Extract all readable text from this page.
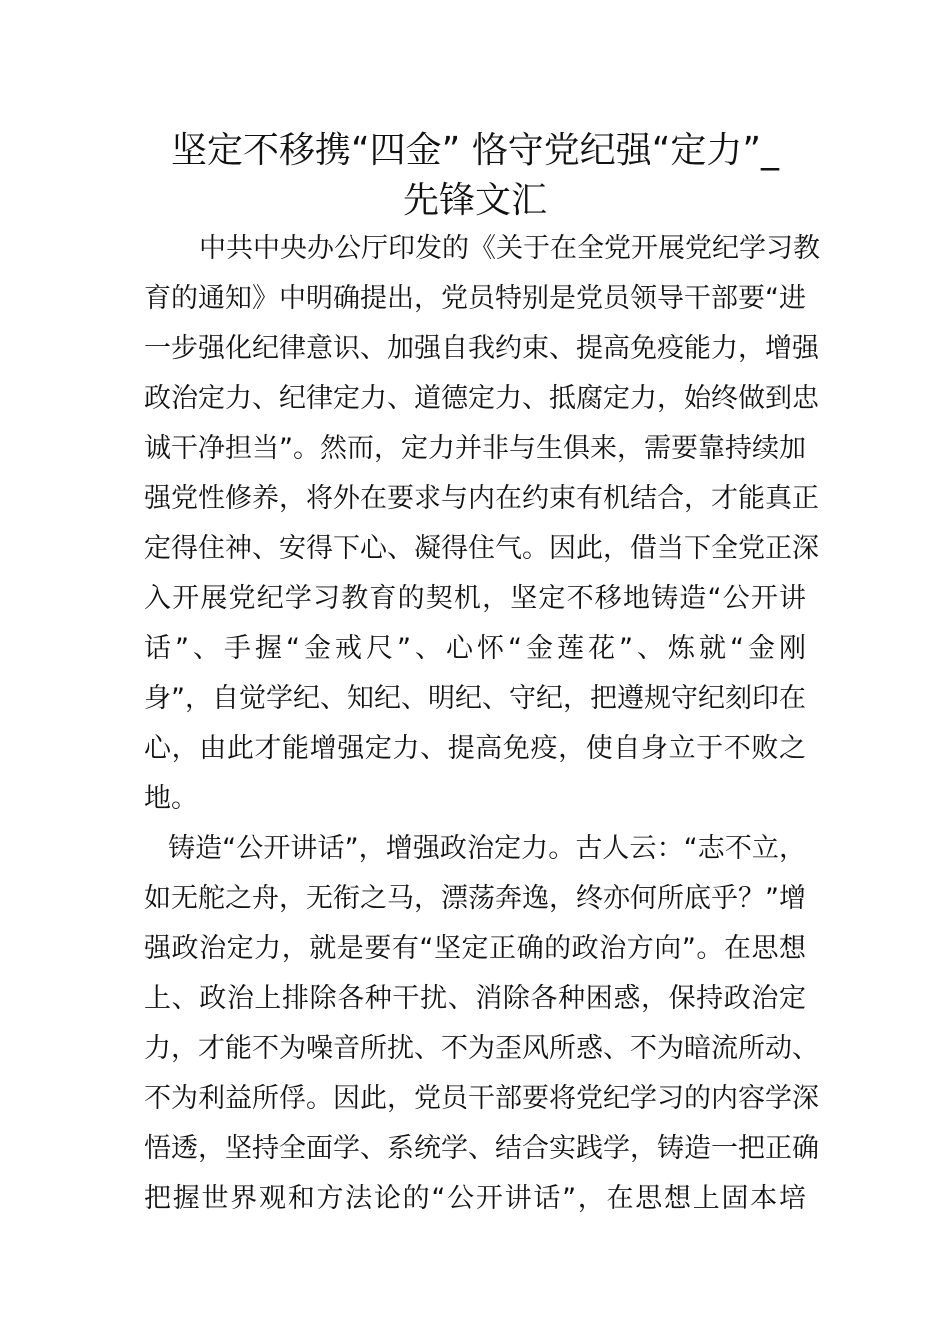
坚定不移携“四金” 恪守党纪强“定力”_
先锋文汇
中共中央办公厅印发的《关于在全党开展党纪学习教
育的通知》中明确提出，党员特别是党员领导干部要“进
一步强化纪律意识、加强自我约束、提高免疫能力，增强
政治定力、纪律定力、道德定力、抵腐定力，始终做到忠
诚干净担当”。然而，定力并非与生俱来，需要靠持续加
强党性修养，将外在要求与内在约束有机结合，才能真正
定得住神、安得下心、凝得住气。因此，借当下全党正深
入开展党纪学习教育的契机，坚定不移地铸造“公开讲
话”、手握“金戒尺”、心怀“金莲花”、炼就“金刚
身”，自觉学纪、知纪、明纪、守纪，把遵规守纪刻印在
心，由此才能增强定力、提高免疫，使自身立于不败之
地。
铸造“公开讲话”，增强政治定力。古人云：“志不立，
如无舵之舟，无衔之马，漂荡奔逸，终亦何所底乎？”增
强政治定力，就是要有“坚定正确的政治方向”。在思想
上、政治上排除各种干扰、消除各种困惑，保持政治定
力，才能不为噪音所扰、不为歪风所惑、不为暗流所动、
不为利益所俘。因此，党员干部要将党纪学习的内容学深
悟透，坚持全面学、系统学、结合实践学，铸造一把正确
把握世界观和方法论的“公开讲话”，在思想上固本培
